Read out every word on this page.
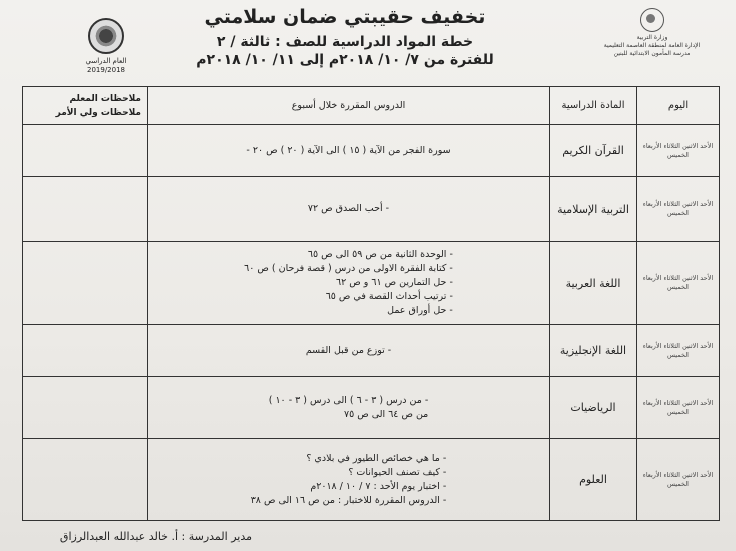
وزارة التربية
الإدارة العامة لمنطقة العاصمة التعليمية
مدرسة المأمون الابتدائية للبنين
تخفيف حقيبتي ضمان سلامتي
خطة المواد الدراسية للصف : ثالثة / ٢
للفترة من ٧/ ١٠/ ٢٠١٨م إلى ١١/ ١٠/ ٢٠١٨م
العام الدراسي
2019/2018
اليوم	المادة الدراسية	الدروس المقررة خلال أسبوع	ملاحظات المعلم
ملاحظات ولي الأمر

الأحد الاثنين الثلاثاء الأربعاء الخميس	القرآن الكريم	سورة الفجر من الآية ( ١٥ ) الى الآية ( ٢٠ ) ص ٢٠ -	

الأحد الاثنين الثلاثاء الأربعاء الخميس	التربية الإسلامية	- أحب الصدق ص ٧٢	

الأحد الاثنين الثلاثاء الأربعاء الخميس	اللغة العربية	- الوحدة الثانية من ص ٥٩ الى ص ٦٥
- كتابة الفقرة الاولى من درس ( قصة فرحان ) ص ٦٠
- حل التمارين ص ٦١ و ص ٦٢
- ترتيب أحداث القصة في ص ٦٥
- حل أوراق عمل	

الأحد الاثنين الثلاثاء الأربعاء الخميس	اللغة الإنجليزية	- توزع من قبل القسم	

الأحد الاثنين الثلاثاء الأربعاء الخميس	الرياضيات	- من درس ( ٣ - ٦ ) الى درس ( ٣ - ١٠ )
من ص ٦٤ الى ص ٧٥	

الأحد الاثنين الثلاثاء الأربعاء الخميس	العلوم	- ما هي خصائص الطيور في بلادي ؟
- كيف تصنف الحيوانات ؟
- اختبار يوم الأحد : ٧ / ١٠ / ٢٠١٨م
- الدروس المقررة للاختبار : من ص ١٦ الى ص ٣٨	

مدير المدرسة : أ. خالد عبدالله العبدالرزاق
